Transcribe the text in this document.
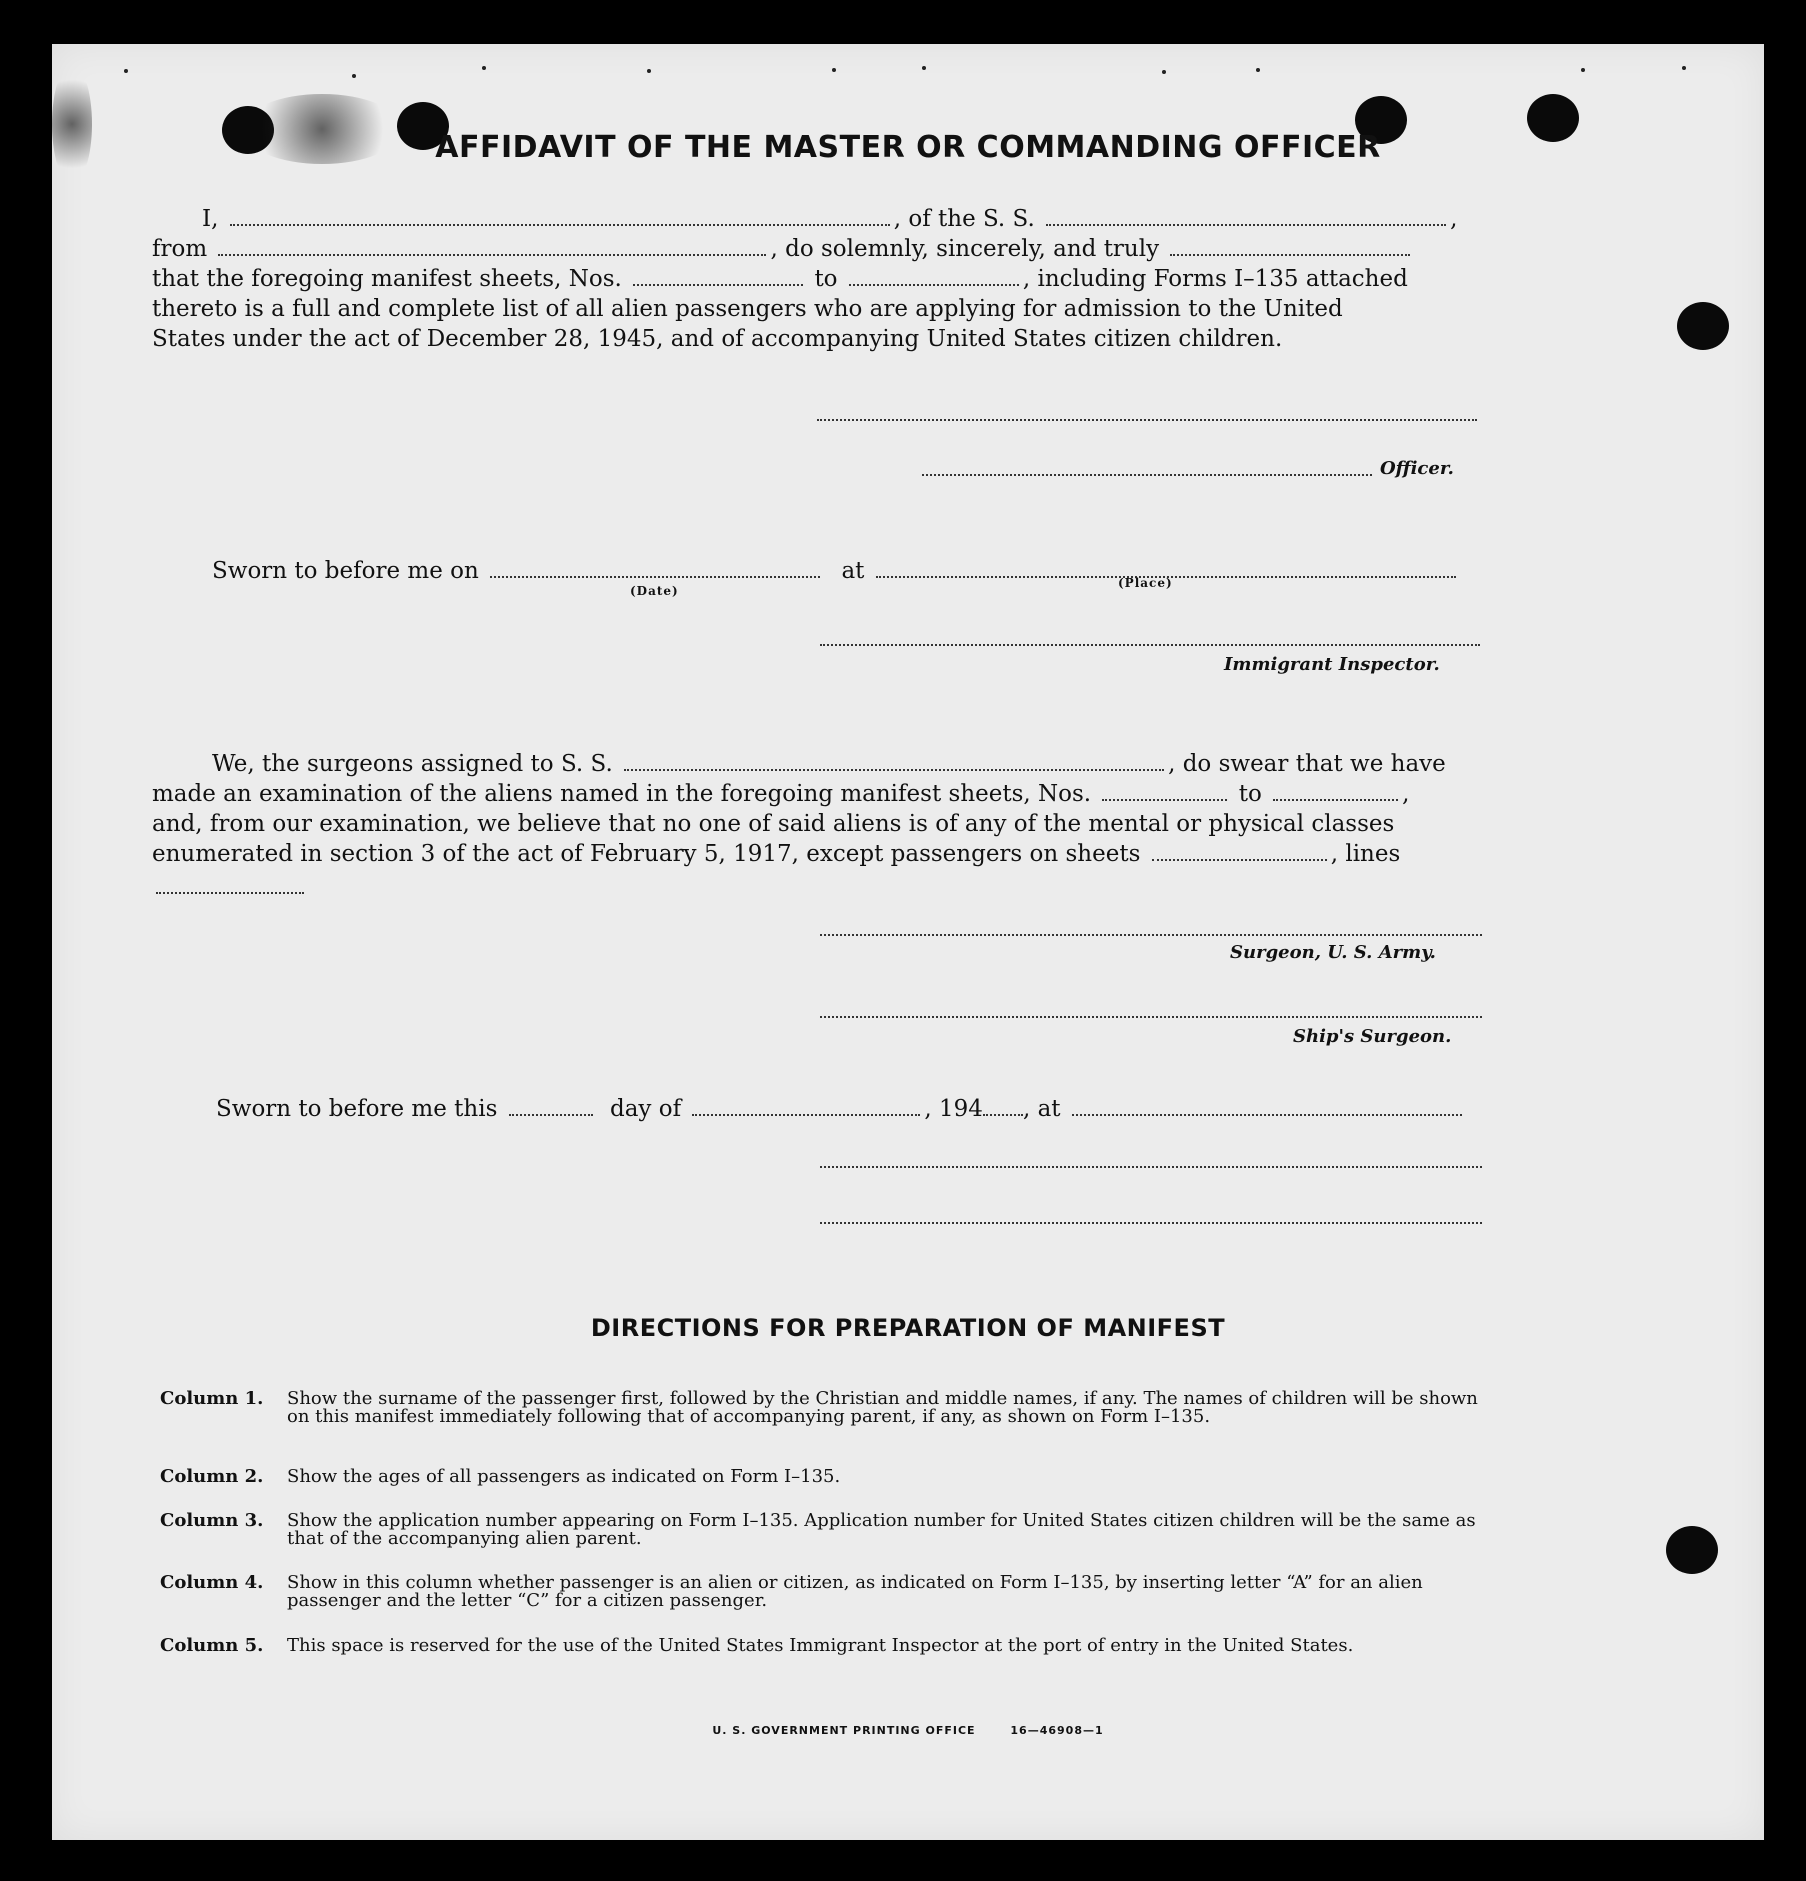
AFFIDAVIT OF THE MASTER OR COMMANDING OFFICER
I,	, of the S. S.	,
from	, do solemnly, sincerely, and truly
that the foregoing manifest sheets, Nos.	to	, including Forms I–135 attached
thereto is a full and complete list of all alien passengers who are applying for admission to the United
States under the act of December 28, 1945, and of accompanying United States citizen children.
Officer.
Sworn to before me on	at
(Date)
(Place)
Immigrant Inspector.
We, the surgeons assigned to S. S.	, do swear that we have
made an examination of the aliens named in the foregoing manifest sheets, Nos.	to	,
and, from our examination, we believe that no one of said aliens is of any of the mental or physical classes
enumerated in section 3 of the act of February 5, 1917, except passengers on sheets	, lines
Surgeon, U. S. Army.
Ship's Surgeon.
Sworn to before me this	day of	, 194 , at
DIRECTIONS FOR PREPARATION OF MANIFEST
Column 1. Show the surname of the passenger first, followed by the Christian and middle names, if any. The names of children will be shown on this manifest immediately following that of accompanying parent, if any, as shown on Form I–135.
Column 2. Show the ages of all passengers as indicated on Form I–135.
Column 3. Show the application number appearing on Form I–135. Application number for United States citizen children will be the same as that of the accompanying alien parent.
Column 4. Show in this column whether passenger is an alien or citizen, as indicated on Form I–135, by inserting letter “A” for an alien passenger and the letter “C” for a citizen passenger.
Column 5. This space is reserved for the use of the United States Immigrant Inspector at the port of entry in the United States.
U. S. GOVERNMENT PRINTING OFFICE	16—46908—1
